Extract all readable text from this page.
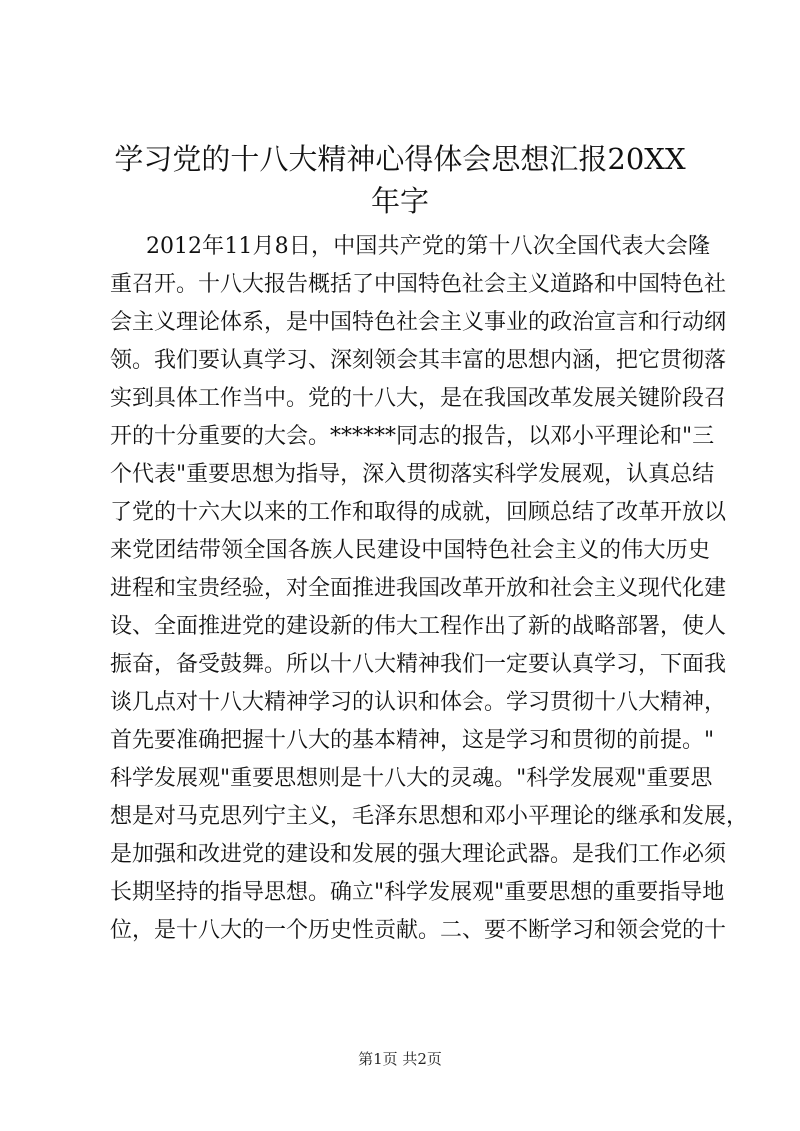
学习党的十八大精神心得体会思想汇报20XX
年字
2012年11月8日，中国共产党的第十八次全国代表大会隆
重召开。十八大报告概括了中国特色社会主义道路和中国特色社
会主义理论体系，是中国特色社会主义事业的政治宣言和行动纲
领。我们要认真学习、深刻领会其丰富的思想内涵，把它贯彻落
实到具体工作当中。党的十八大，是在我国改革发展关键阶段召
开的十分重要的大会。******同志的报告，以邓小平理论和"三
个代表"重要思想为指导，深入贯彻落实科学发展观，认真总结
了党的十六大以来的工作和取得的成就，回顾总结了改革开放以
来党团结带领全国各族人民建设中国特色社会主义的伟大历史
进程和宝贵经验，对全面推进我国改革开放和社会主义现代化建
设、全面推进党的建设新的伟大工程作出了新的战略部署，使人
振奋，备受鼓舞。所以十八大精神我们一定要认真学习，下面我
谈几点对十八大精神学习的认识和体会。学习贯彻十八大精神，
首先要准确把握十八大的基本精神，这是学习和贯彻的前提。"
科学发展观"重要思想则是十八大的灵魂。"科学发展观"重要思
想是对马克思列宁主义，毛泽东思想和邓小平理论的继承和发展，
是加强和改进党的建设和发展的强大理论武器。是我们工作必须
长期坚持的指导思想。确立"科学发展观"重要思想的重要指导地
位，是十八大的一个历史性贡献。二、要不断学习和领会党的十
第1页 共2页
